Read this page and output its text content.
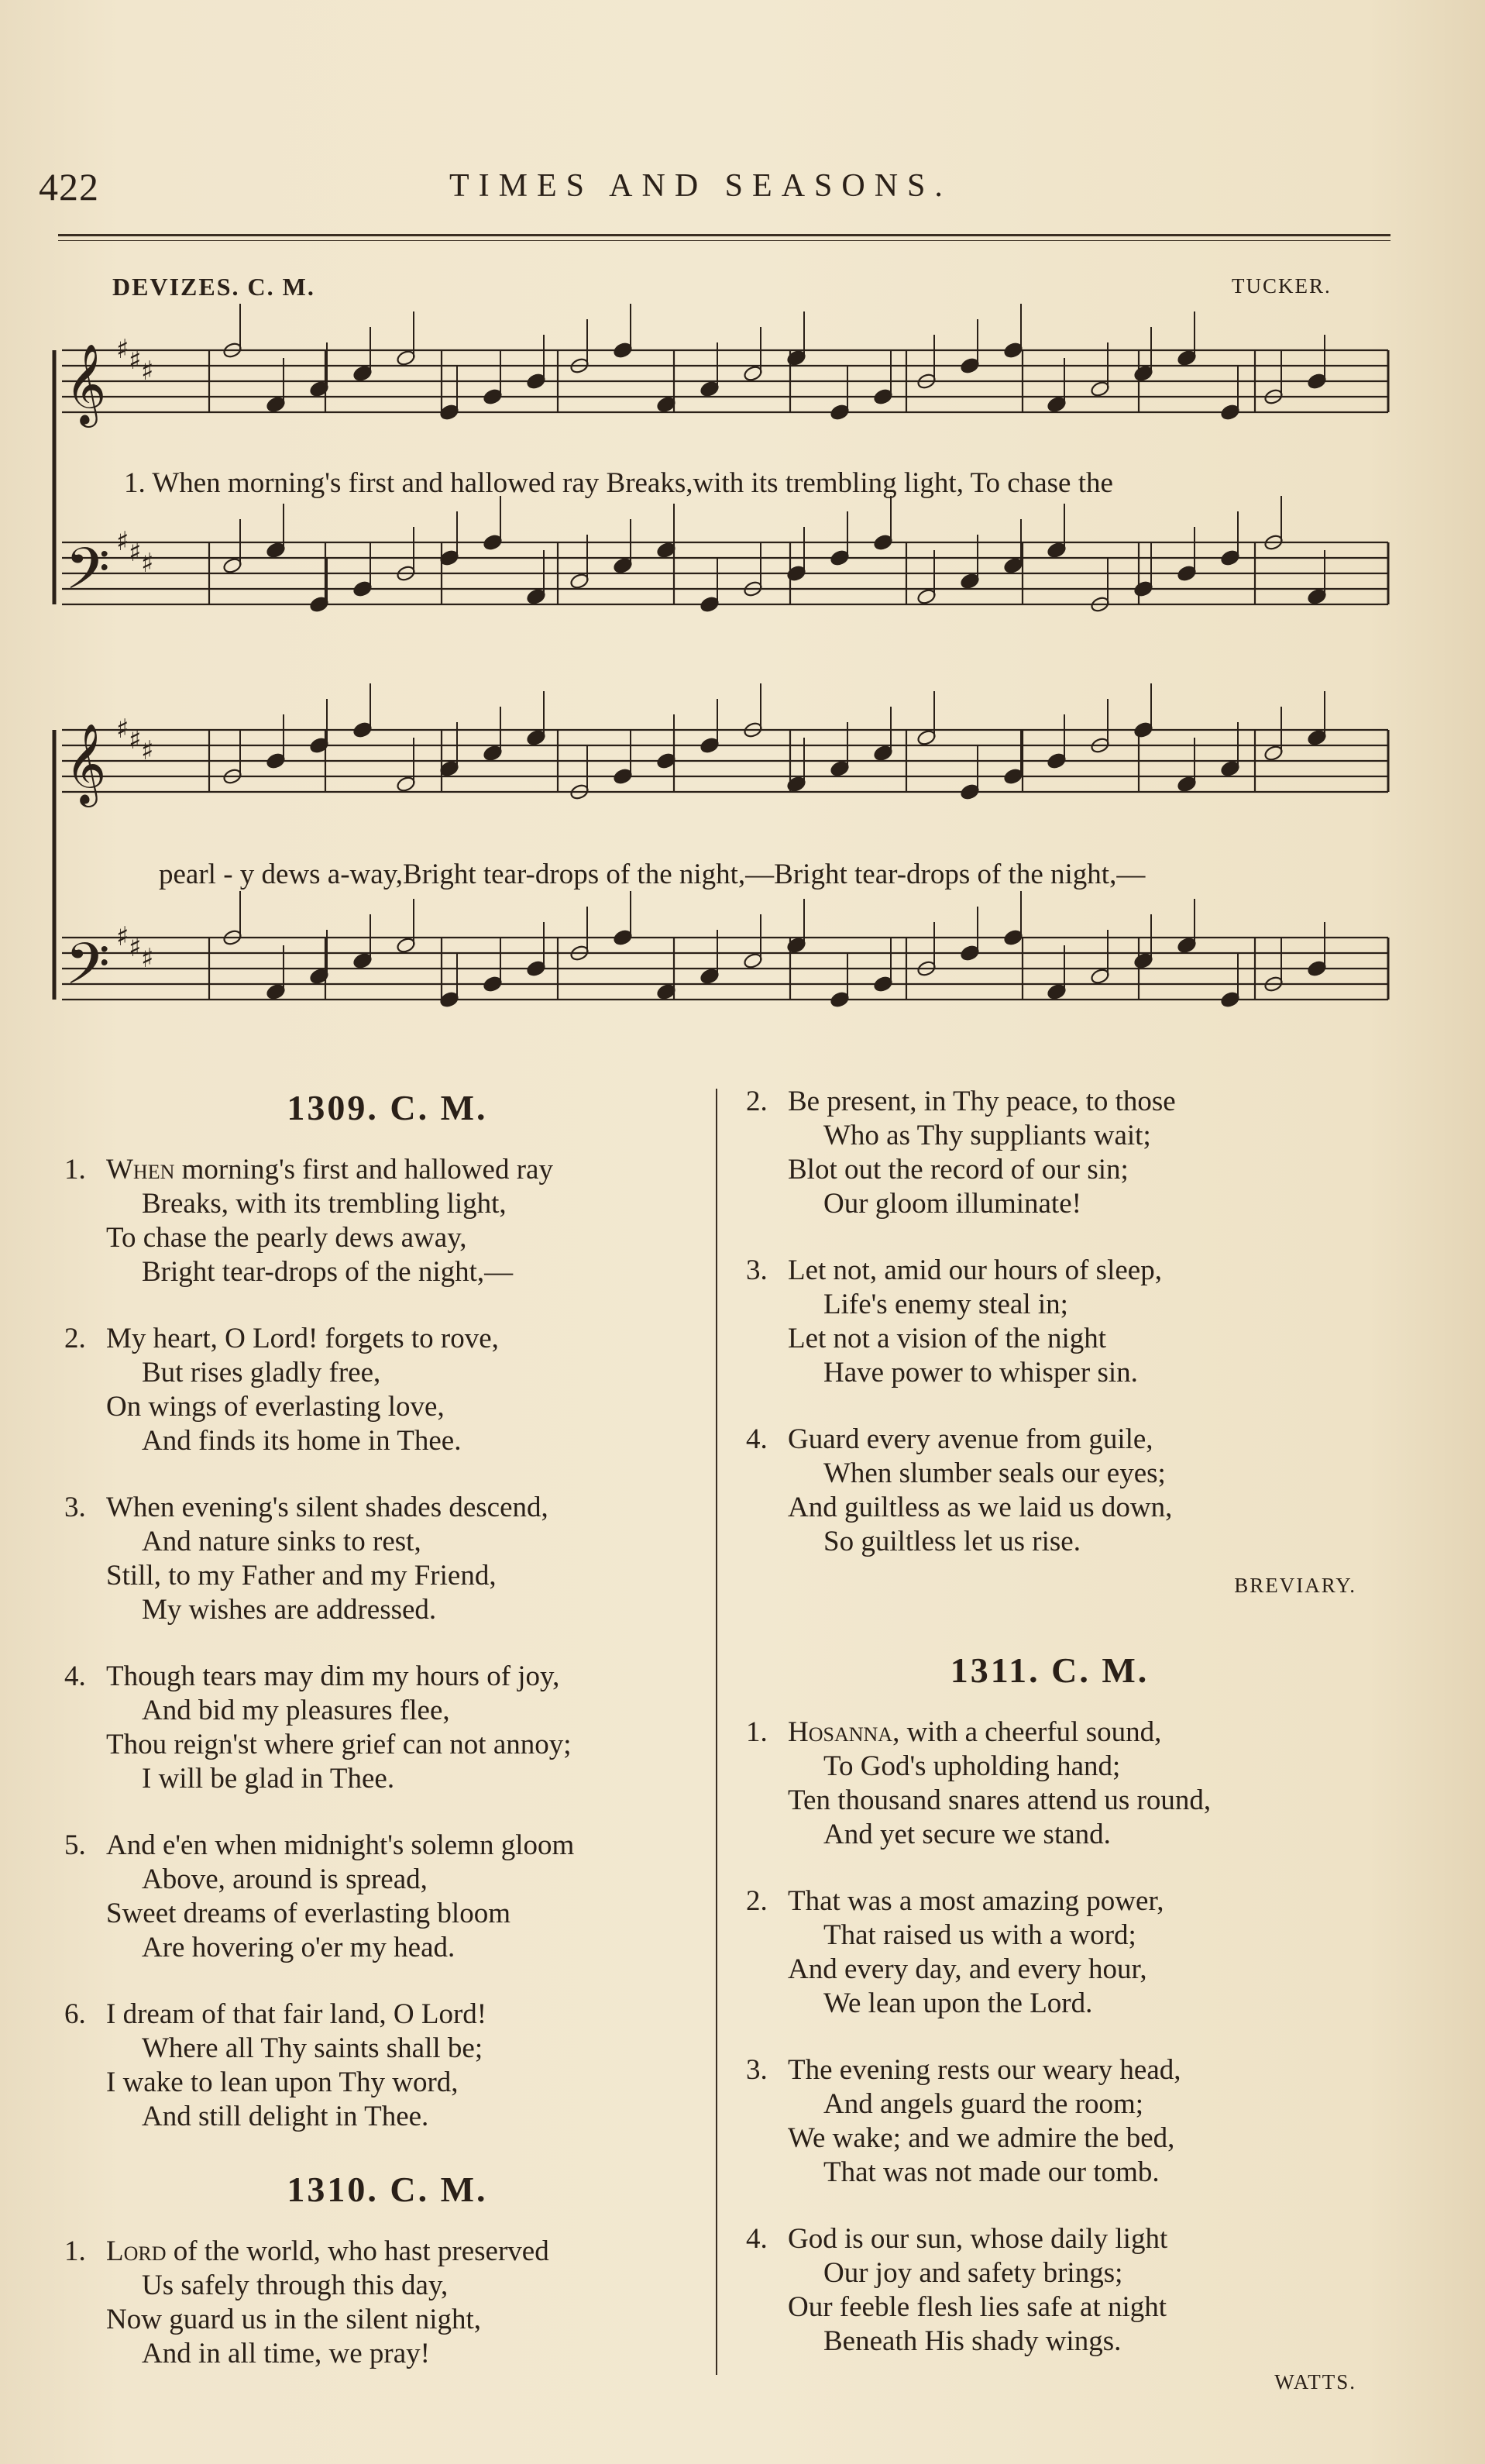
422	TIMES AND SEASONS.
DEVIZES. C. M.	TUCKER.
𝄞 ♯ ♯ ♯
𝄢 ♯ ♯ ♯
𝄞 ♯ ♯ ♯
𝄢 ♯ ♯ ♯
1. When morning's first and hallowed ray Breaks,with its trembling light, To chase the
pearl - y dews a-way,Bright tear-drops of the night,—Bright tear-drops of the night,—
1309. C. M.
1. When morning's first and hallowed ray
Breaks, with its trembling light,
To chase the pearly dews away,
Bright tear-drops of the night,—
2. My heart, O Lord! forgets to rove,
But rises gladly free,
On wings of everlasting love,
And finds its home in Thee.
3. When evening's silent shades descend,
And nature sinks to rest,
Still, to my Father and my Friend,
My wishes are addressed.
4. Though tears may dim my hours of joy,
And bid my pleasures flee,
Thou reign'st where grief can not annoy;
I will be glad in Thee.
5. And e'en when midnight's solemn gloom
Above, around is spread,
Sweet dreams of everlasting bloom
Are hovering o'er my head.
6. I dream of that fair land, O Lord!
Where all Thy saints shall be;
I wake to lean upon Thy word,
And still delight in Thee.
1310. C. M.
1. Lord of the world, who hast preserved
Us safely through this day,
Now guard us in the silent night,
And in all time, we pray!
2. Be present, in Thy peace, to those
Who as Thy suppliants wait;
Blot out the record of our sin;
Our gloom illuminate!
3. Let not, amid our hours of sleep,
Life's enemy steal in;
Let not a vision of the night
Have power to whisper sin.
4. Guard every avenue from guile,
When slumber seals our eyes;
And guiltless as we laid us down,
So guiltless let us rise.
BREVIARY.
1311. C. M.
1. Hosanna, with a cheerful sound,
To God's upholding hand;
Ten thousand snares attend us round,
And yet secure we stand.
2. That was a most amazing power,
That raised us with a word;
And every day, and every hour,
We lean upon the Lord.
3. The evening rests our weary head,
And angels guard the room;
We wake; and we admire the bed,
That was not made our tomb.
4. God is our sun, whose daily light
Our joy and safety brings;
Our feeble flesh lies safe at night
Beneath His shady wings.
WATTS.
